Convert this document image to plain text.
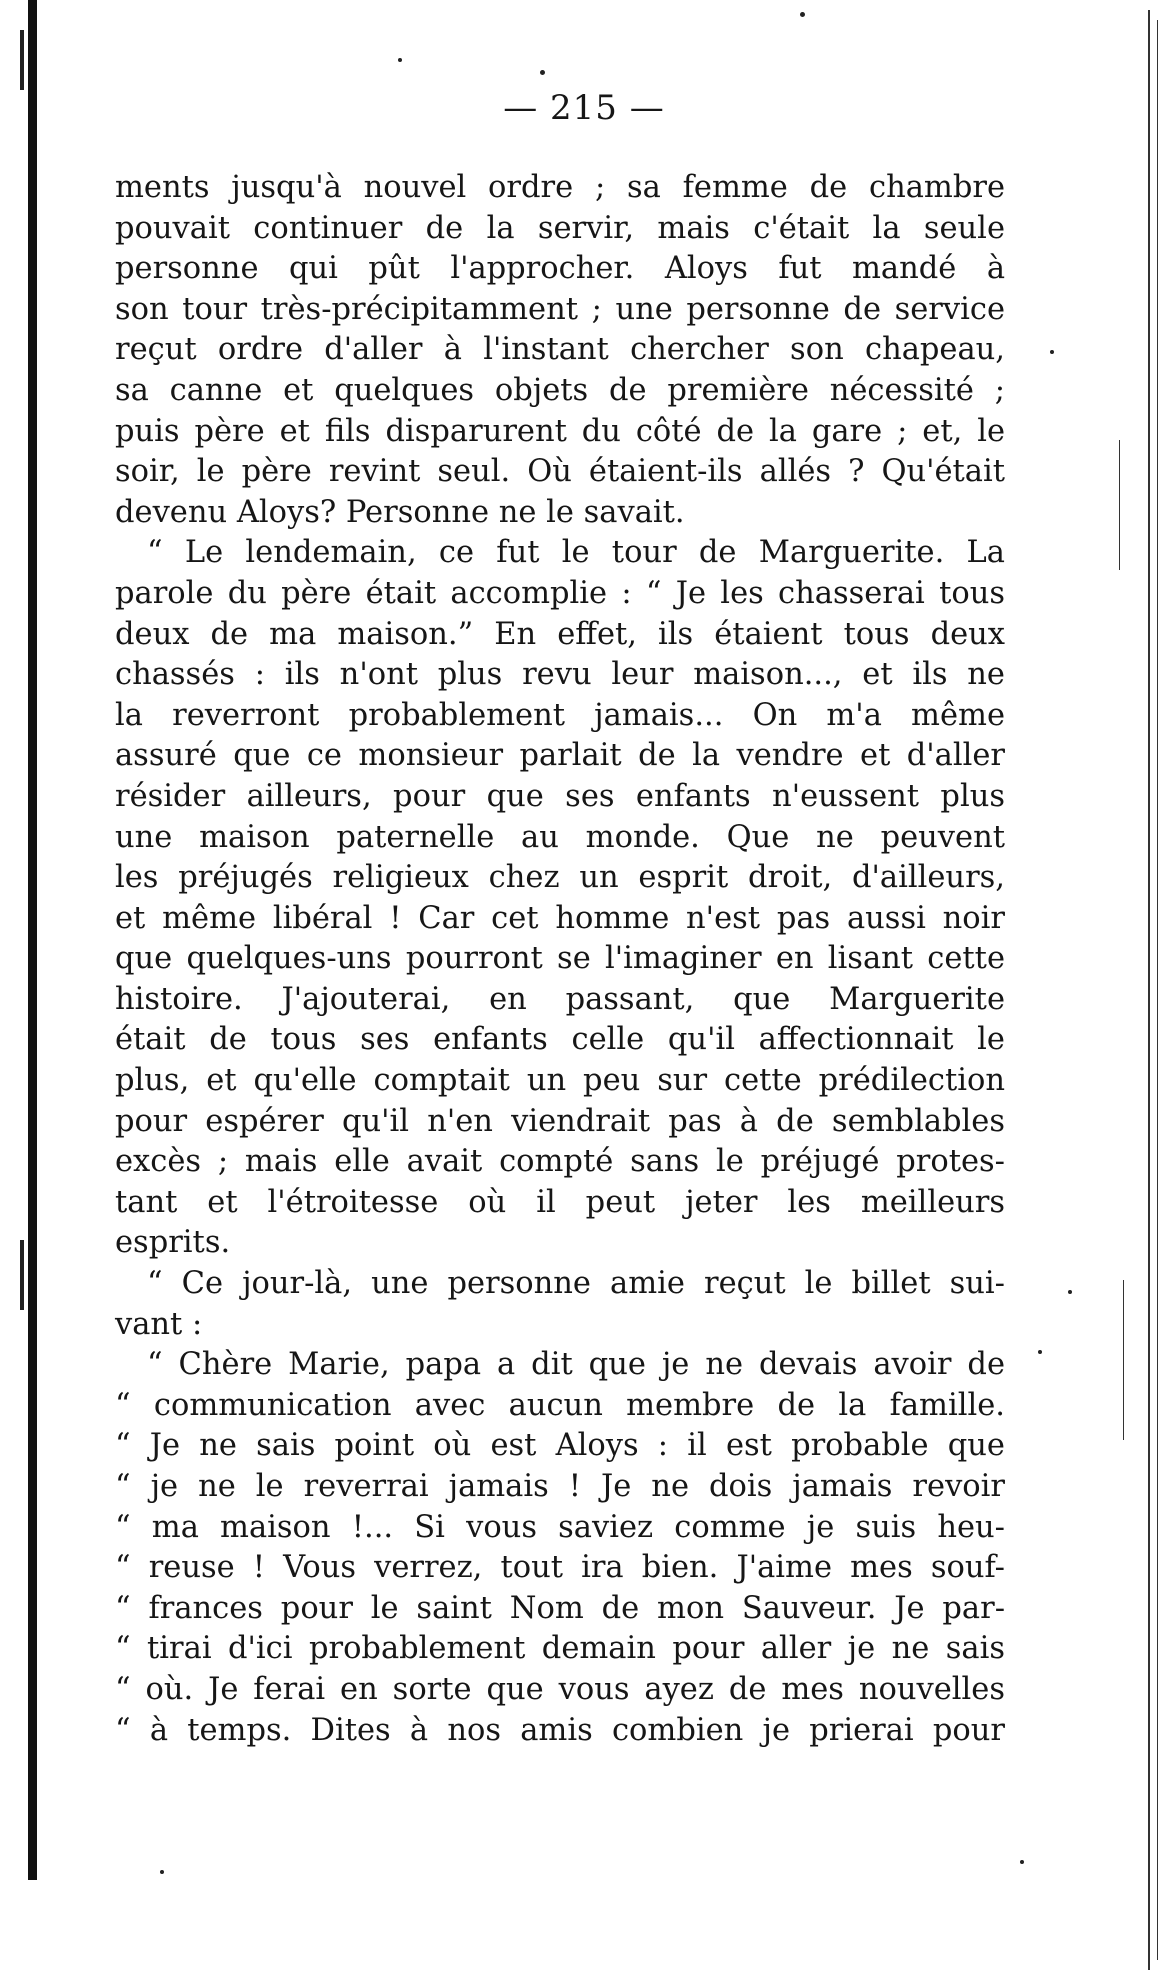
— 215 —
ments jusqu'à nouvel ordre ; sa femme de chambre
pouvait continuer de la servir, mais c'était la seule
personne qui pût l'approcher. Aloys fut mandé à
son tour très-précipitamment ; une personne de service
reçut ordre d'aller à l'instant chercher son chapeau,
sa canne et quelques objets de première nécessité ;
puis père et fils disparurent du côté de la gare ; et, le
soir, le père revint seul. Où étaient-ils allés ? Qu'était
devenu Aloys? Personne ne le savait.
“ Le lendemain, ce fut le tour de Marguerite. La
parole du père était accomplie : “ Je les chasserai tous
deux de ma maison.” En effet, ils étaient tous deux
chassés : ils n'ont plus revu leur maison..., et ils ne
la reverront probablement jamais... On m'a même
assuré que ce monsieur parlait de la vendre et d'aller
résider ailleurs, pour que ses enfants n'eussent plus
une maison paternelle au monde. Que ne peuvent
les préjugés religieux chez un esprit droit, d'ailleurs,
et même libéral ! Car cet homme n'est pas aussi noir
que quelques-uns pourront se l'imaginer en lisant cette
histoire. J'ajouterai, en passant, que Marguerite
était de tous ses enfants celle qu'il affectionnait le
plus, et qu'elle comptait un peu sur cette prédilection
pour espérer qu'il n'en viendrait pas à de semblables
excès ; mais elle avait compté sans le préjugé protes-
tant et l'étroitesse où il peut jeter les meilleurs
esprits.
“ Ce jour-là, une personne amie reçut le billet sui-
vant :
“ Chère Marie, papa a dit que je ne devais avoir de
“ communication avec aucun membre de la famille.
“ Je ne sais point où est Aloys : il est probable que
“ je ne le reverrai jamais ! Je ne dois jamais revoir
“ ma maison !... Si vous saviez comme je suis heu-
“ reuse ! Vous verrez, tout ira bien. J'aime mes souf-
“ frances pour le saint Nom de mon Sauveur. Je par-
“ tirai d'ici probablement demain pour aller je ne sais
“ où. Je ferai en sorte que vous ayez de mes nouvelles
“ à temps. Dites à nos amis combien je prierai pour
